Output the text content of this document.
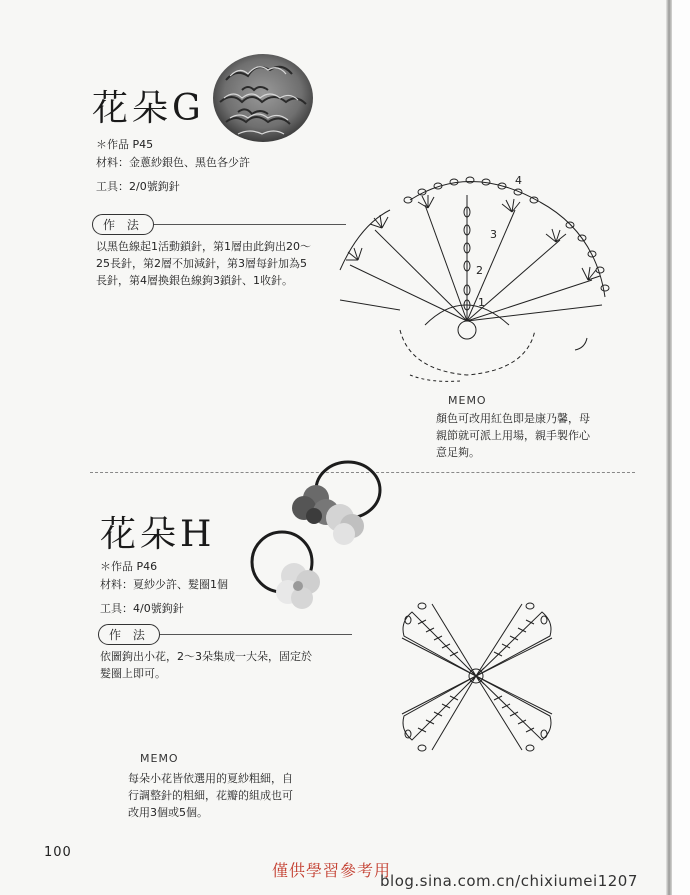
花朵G
＊作品 P45
材料：金蔥紗銀色、黑色各少許
工具：2/0號鉤針
作 法
以黑色線起1活動鎖針，第1層由此鉤出20～
25長針，第2層不加減針，第3層每針加為5
長針，第4層換銀色線鉤3鎖針、1收針。
4
3
2
1
MEMO
顏色可改用紅色即是康乃馨，母
親節就可派上用場，親手製作心
意足夠。
花朵H
＊作品 P46
材料：夏紗少許、髮圈1個
工具：4/0號鉤針
作 法
依圖鉤出小花，2～3朵集成一大朵，固定於
髮圈上即可。
MEMO
每朵小花皆依選用的夏紗粗細，自
行調整針的粗細，花瓣的組成也可
改用3個或5個。
100
僅供學習參考用
blog.sina.com.cn/chixiumei1207
